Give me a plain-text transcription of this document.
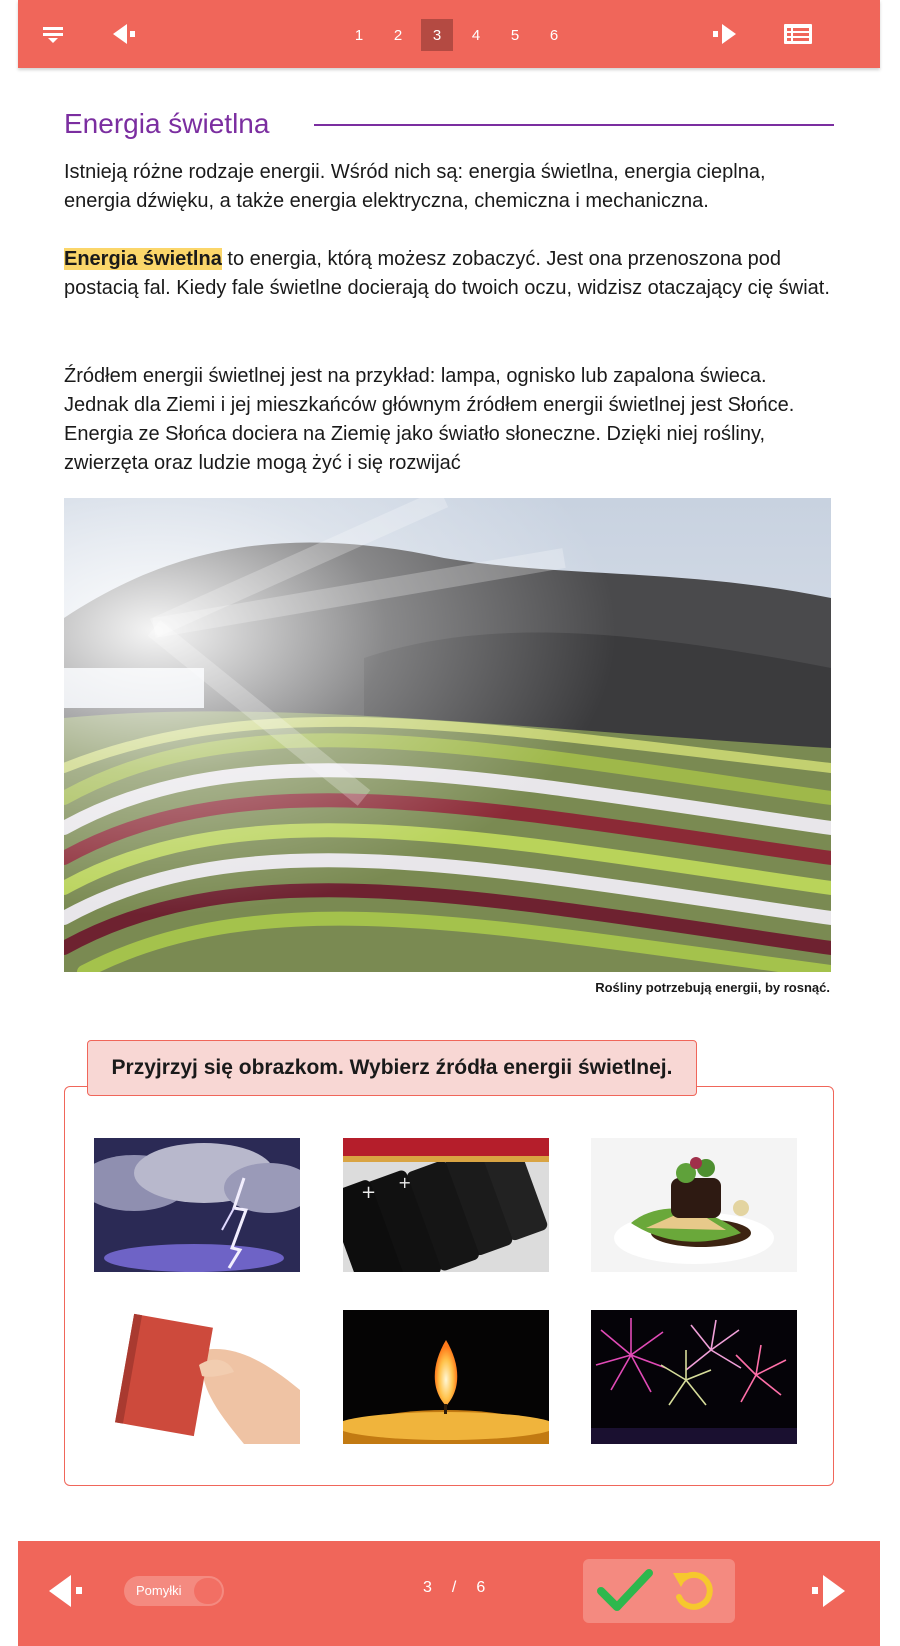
1	2	3	4	5	6
Energia świetlna

Istnieją różne rodzaje energii. Wśród nich są: energia świetlna, energia cieplna, energia dźwięku, a także energia elektryczna, chemiczna i mechaniczna.

Energia świetlna to energia, którą możesz zobaczyć. Jest ona przenoszona pod postacią fal. Kiedy fale świetlne docierają do twoich oczu, widzisz otaczający cię świat.

Źródłem energii świetlnej jest na przykład: lampa, ognisko lub zapalona świeca. Jednak dla Ziemi i jej mieszkańców głównym źródłem energii świetlnej jest Słońce. Energia ze Słońca dociera na Ziemię jako światło słoneczne. Dzięki niej rośliny, zwierzęta oraz ludzie mogą żyć i się rozwijać

Rośliny potrzebują energii, by rosnąć.
Przyjrzyj się obrazkom. Wybierz źródła energii świetlnej.
+ +
Pomyłki	3 / 6
